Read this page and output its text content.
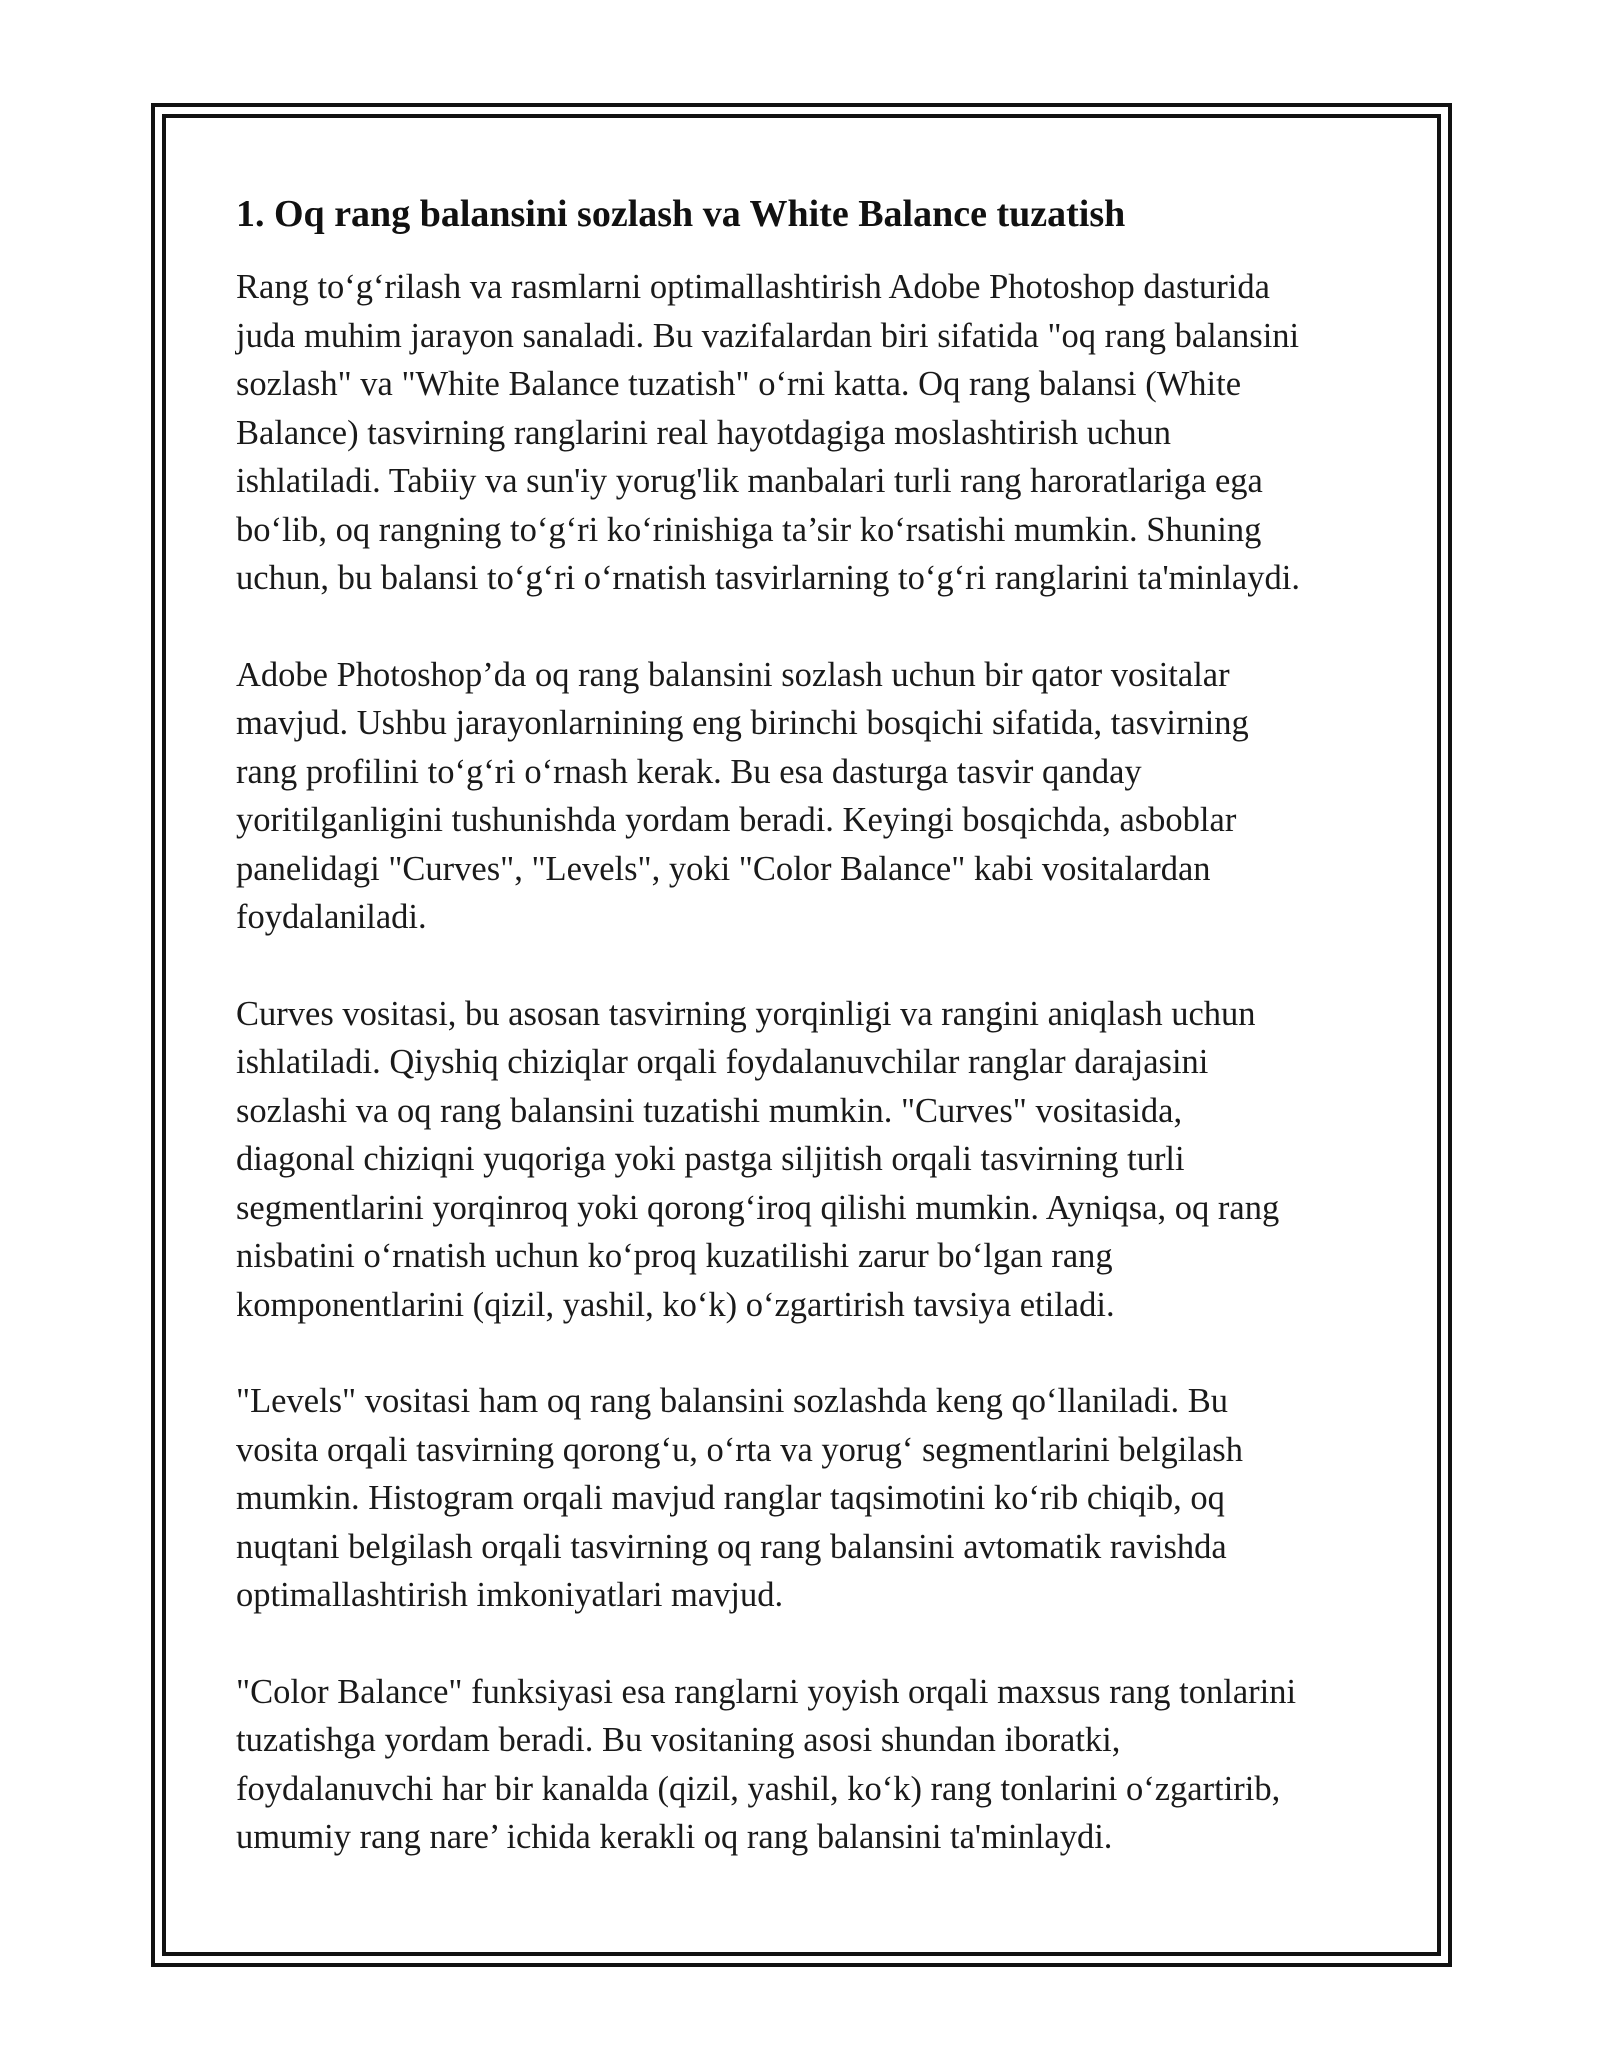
1. Oq rang balansini sozlash va White Balance tuzatish

Rang to‘g‘rilash va rasmlarni optimallashtirish Adobe Photoshop dasturida
juda muhim jarayon sanaladi. Bu vazifalardan biri sifatida "oq rang balansini
sozlash" va "White Balance tuzatish" o‘rni katta. Oq rang balansi (White
Balance) tasvirning ranglarini real hayotdagiga moslashtirish uchun
ishlatiladi. Tabiiy va sun'iy yorug'lik manbalari turli rang haroratlariga ega
bo‘lib, oq rangning to‘g‘ri ko‘rinishiga ta’sir ko‘rsatishi mumkin. Shuning
uchun, bu balansi to‘g‘ri o‘rnatish tasvirlarning to‘g‘ri ranglarini ta'minlaydi.

Adobe Photoshop’da oq rang balansini sozlash uchun bir qator vositalar
mavjud. Ushbu jarayonlarnining eng birinchi bosqichi sifatida, tasvirning
rang profilini to‘g‘ri o‘rnash kerak. Bu esa dasturga tasvir qanday
yoritilganligini tushunishda yordam beradi. Keyingi bosqichda, asboblar
panelidagi "Curves", "Levels", yoki "Color Balance" kabi vositalardan
foydalaniladi.

Curves vositasi, bu asosan tasvirning yorqinligi va rangini aniqlash uchun
ishlatiladi. Qiyshiq chiziqlar orqali foydalanuvchilar ranglar darajasini
sozlashi va oq rang balansini tuzatishi mumkin. "Curves" vositasida,
diagonal chiziqni yuqoriga yoki pastga siljitish orqali tasvirning turli
segmentlarini yorqinroq yoki qorong‘iroq qilishi mumkin. Ayniqsa, oq rang
nisbatini o‘rnatish uchun ko‘proq kuzatilishi zarur bo‘lgan rang
komponentlarini (qizil, yashil, ko‘k) o‘zgartirish tavsiya etiladi.

"Levels" vositasi ham oq rang balansini sozlashda keng qo‘llaniladi. Bu
vosita orqali tasvirning qorong‘u, o‘rta va yorug‘ segmentlarini belgilash
mumkin. Histogram orqali mavjud ranglar taqsimotini ko‘rib chiqib, oq
nuqtani belgilash orqali tasvirning oq rang balansini avtomatik ravishda
optimallashtirish imkoniyatlari mavjud.

"Color Balance" funksiyasi esa ranglarni yoyish orqali maxsus rang tonlarini
tuzatishga yordam beradi. Bu vositaning asosi shundan iboratki,
foydalanuvchi har bir kanalda (qizil, yashil, ko‘k) rang tonlarini o‘zgartirib,
umumiy rang nare’ ichida kerakli oq rang balansini ta'minlaydi.
